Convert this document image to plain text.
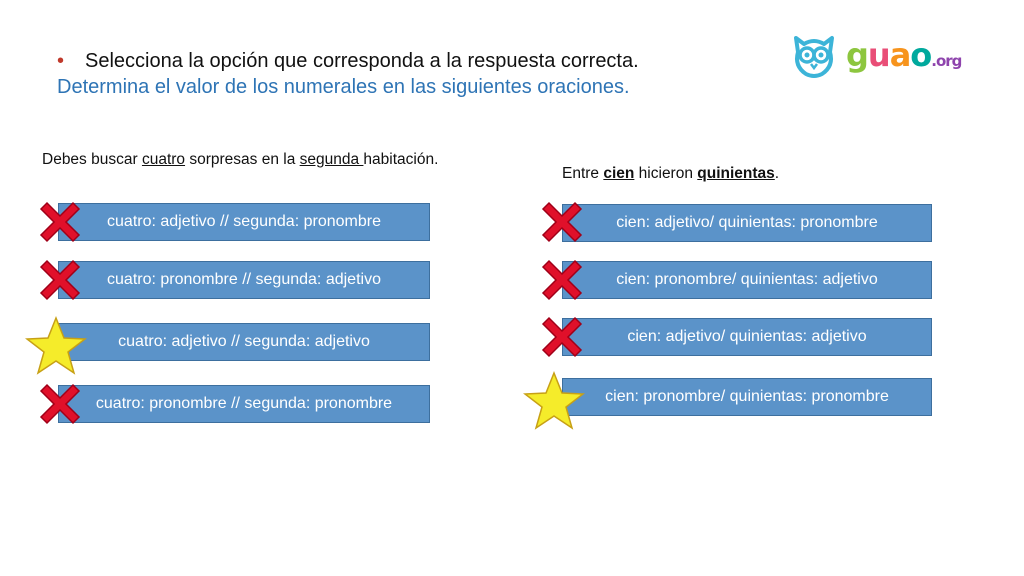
• Selecciona la opción que corresponda a la respuesta correcta.
Determina el valor de los numerales en las siguientes oraciones.
guao.org
Debes buscar cuatro sorpresas en la segunda habitación.
Entre cien hicieron quinientas.
cuatro: adjetivo // segunda: pronombre
cuatro: pronombre // segunda: adjetivo
cuatro: adjetivo // segunda: adjetivo
cuatro: pronombre // segunda: pronombre
cien: adjetivo/ quinientas: pronombre
cien: pronombre/ quinientas: adjetivo
cien: adjetivo/ quinientas: adjetivo
cien: pronombre/ quinientas: pronombre
